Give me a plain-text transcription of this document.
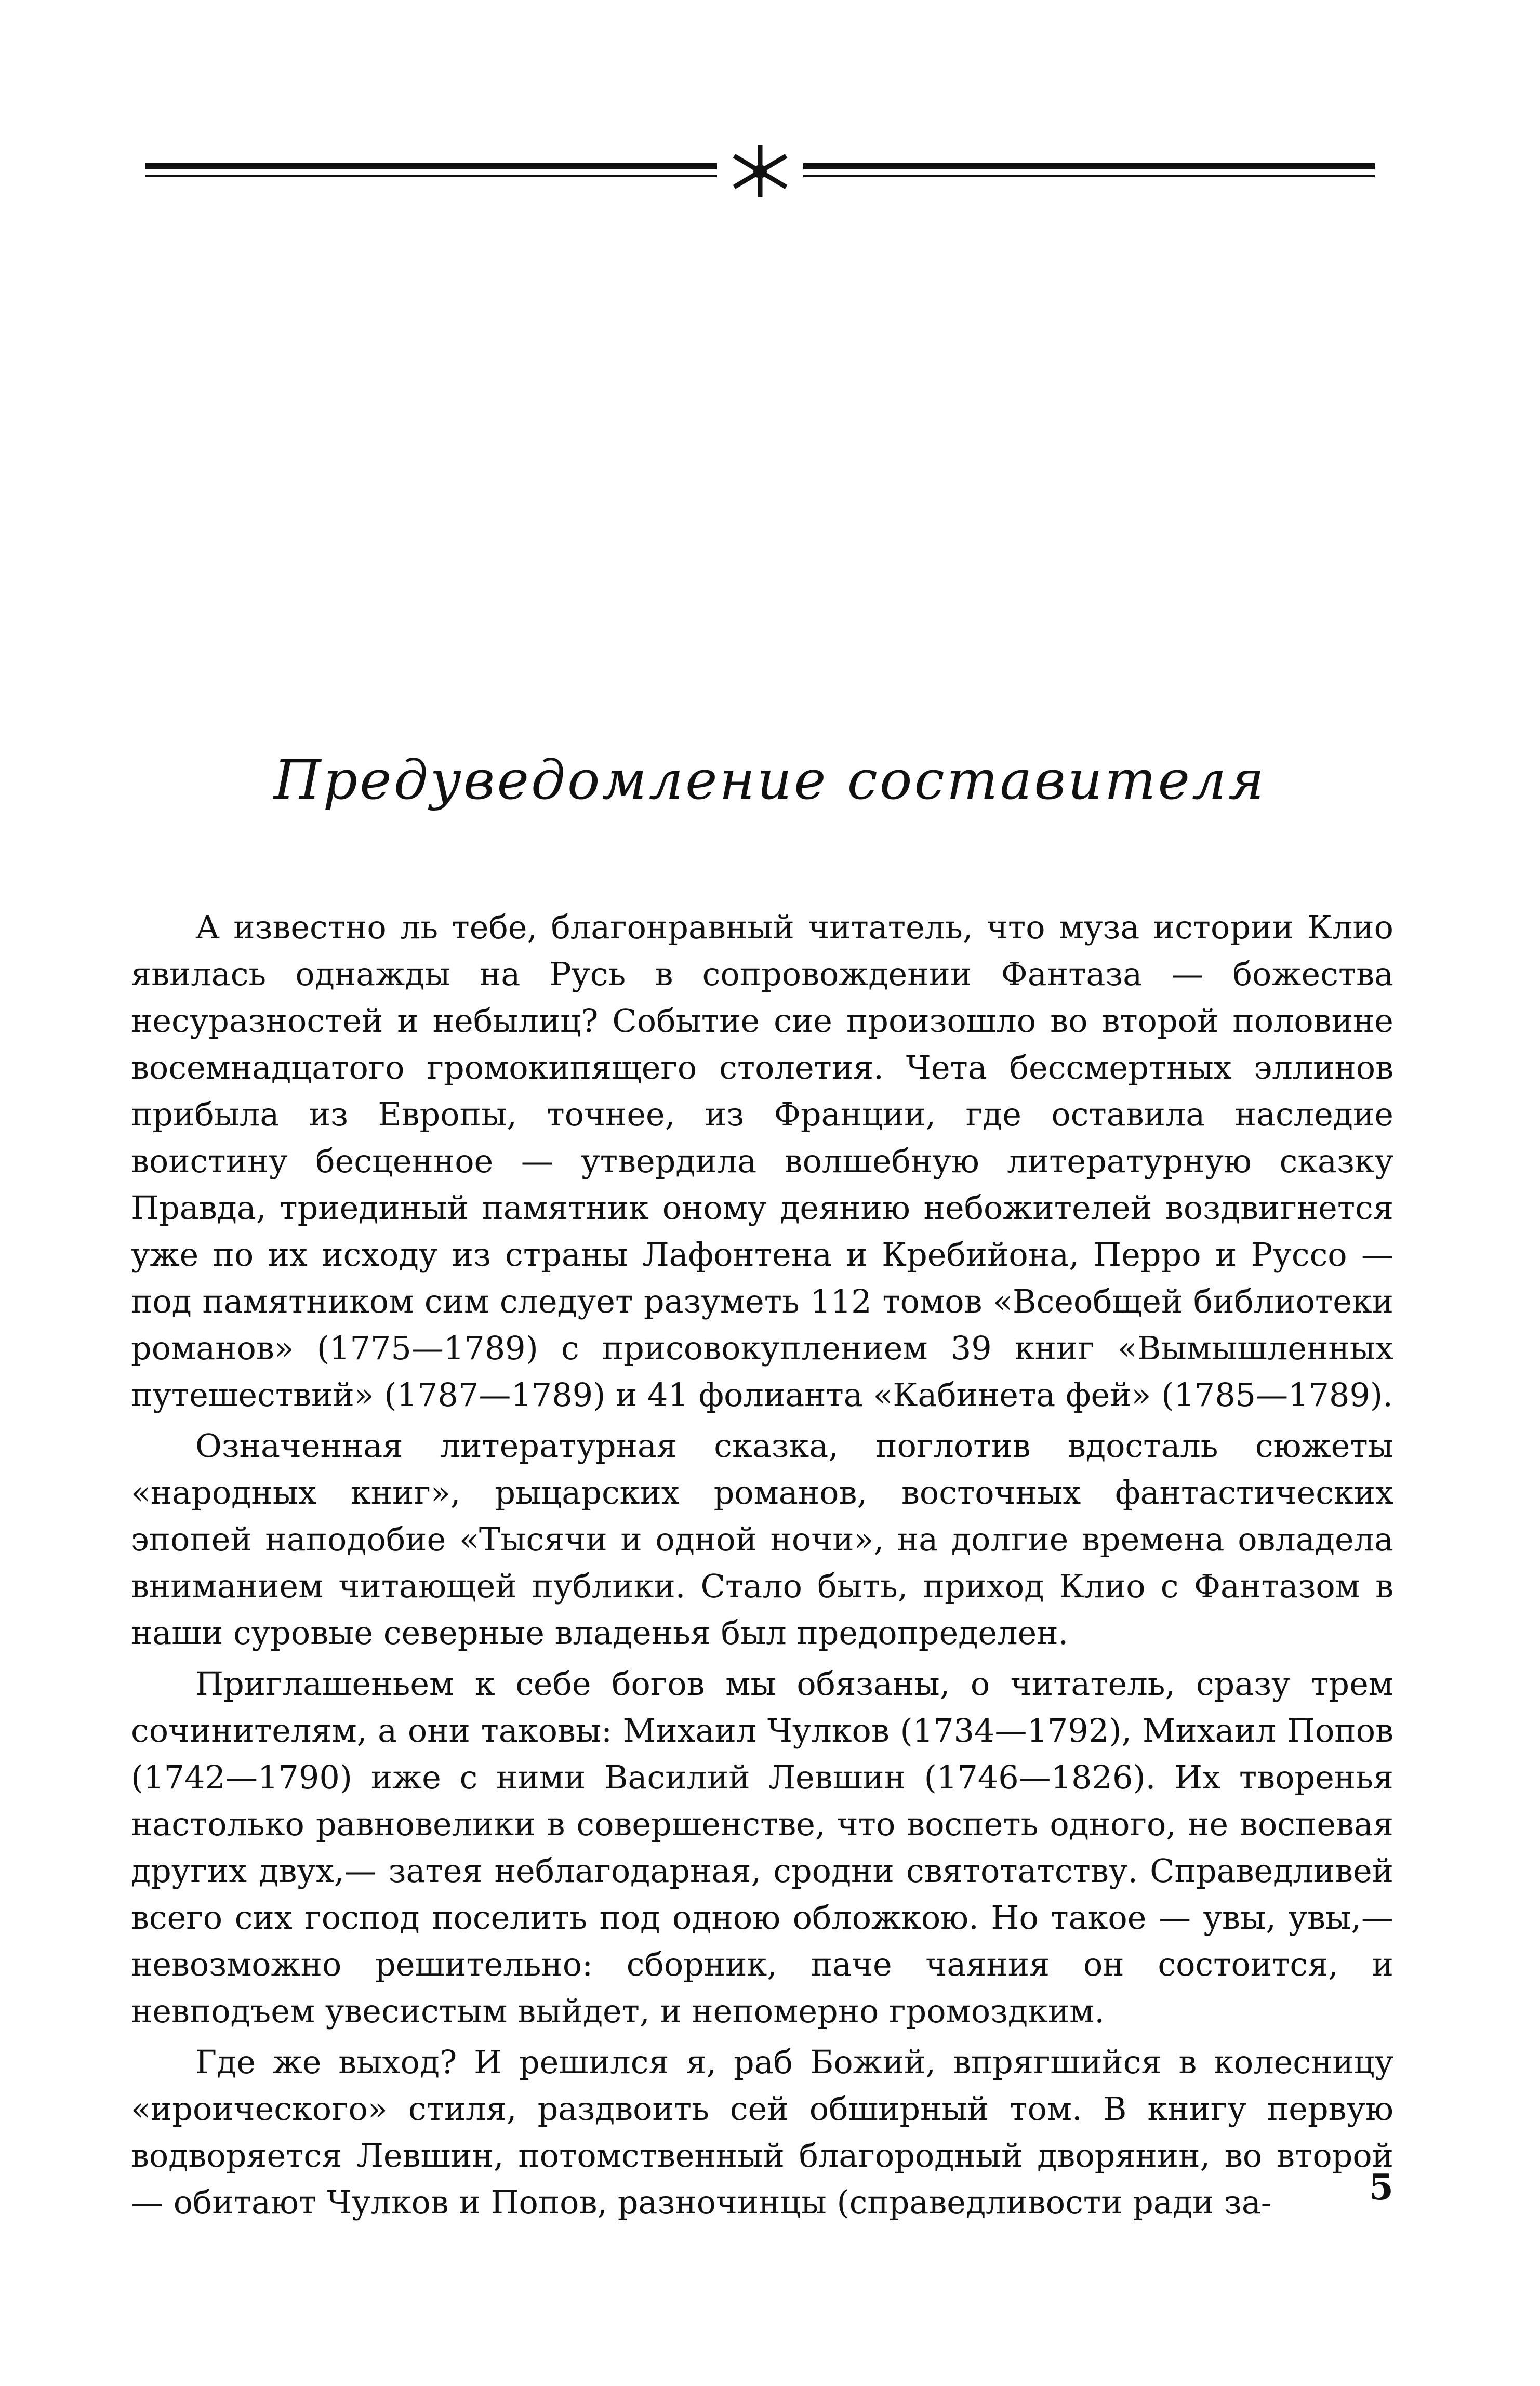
Предуведомление составителя

А известно ль тебе, благонравный читатель, что муза истории Клио явилась однажды на Русь в сопровождении Фантаза — божества несуразностей и небылиц? Событие сие произошло во второй половине восемнадцатого громокипящего столетия. Чета бессмертных эллинов прибыла из Европы, точнее, из Франции, где оставила наследие воистину бесценное — утвердила волшебную литературную сказку Правда, триединый памятник оному деянию небожителей воздвигнется уже по их исходу из страны Лафонтена и Кребийона, Перро и Руссо — под памятником сим следует разуметь 112 томов «Всеобщей библиотеки романов» (1775—1789) с присовокуплением 39 книг «Вымышленных путешествий» (1787—1789) и 41 фолианта «Кабинета фей» (1785—1789).

Означенная литературная сказка, поглотив вдосталь сюжеты «народных книг», рыцарских романов, восточных фантастических эпопей наподобие «Тысячи и одной ночи», на долгие времена овладела вниманием читающей публики. Стало быть, приход Клио с Фантазом в наши суровые северные владенья был предопределен.

Приглашеньем к себе богов мы обязаны, о читатель, сразу трем сочинителям, а они таковы: Михаил Чулков (1734—1792), Михаил Попов (1742—1790) иже с ними Василий Левшин (1746—1826). Их творенья настолько равновелики в совершенстве, что воспеть одного, не воспевая других двух,— затея неблагодарная, сродни святотатству. Справедливей всего сих господ поселить под одною обложкою. Но такое — увы, увы,— невозможно решительно: сборник, паче чаяния он состоится, и невподъем увесистым выйдет, и непомерно громоздким.

Где же выход? И решился я, раб Божий, впрягшийся в колесницу «ироического» стиля, раздвоить сей обширный том. В книгу первую водворяется Левшин, потомственный благородный дворянин, во второй — обитают Чулков и Попов, разночинцы (справедливости ради за-	5
